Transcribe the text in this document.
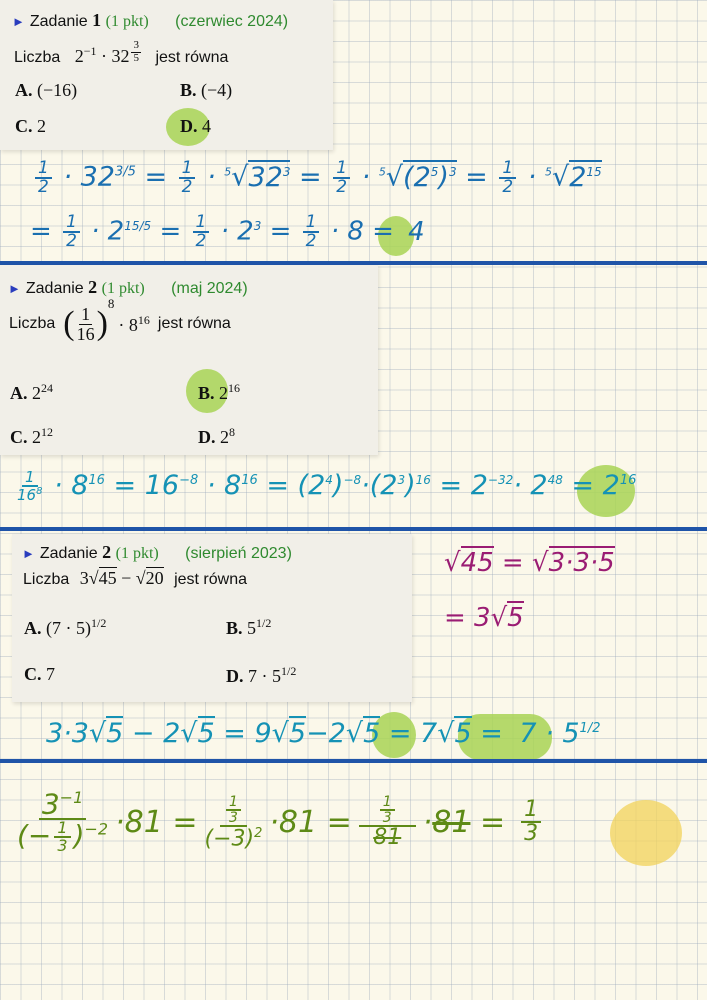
► Zadanie 1 (1 pkt) (czerwiec 2024)
Liczba $2^{-1} \cdot 32$ $^{\frac{3}{5}}$ jest równa
A. (−16)	B. (−4)
C. 2	D. 4
$\frac{1}{2} \cdot 32^{3/5} = \frac{1}{2} \cdot ^5√32^3 = \frac{1}{2} \cdot ^5√(2^5)^3 = \frac{1}{2} \cdot ^5√2^{15}$
= $\frac{1}{2} \cdot 2^{15/5} = \frac{1}{2} \cdot 2^3 = \frac{1}{2} \cdot 8 = 4$
► Zadanie 2 (1 pkt) (maj 2024)
Liczba ( $\frac{1}{16}$ )
8
· $8^{16}$ jest równa
A. $2^{24}$	B. $2^{16}$
C. $2^{12}$	D. $2^8$
$\frac{1}{16^8} \cdot 8^{16} = 16^{-8} \cdot 8^{16} = (2^4)^{-8}\cdot(2^3)^{16} = 2^{-32}\cdot 2^{48} = 2^{16}$
► Zadanie 2 (1 pkt) (sierpień 2023)
Liczba 3√45 − √20 jest równa
A. $(7 \cdot 5)^{1/2}$	B. $5^{1/2}$
C. 7	D. $7 \cdot 5^{1/2}$
√45 = √3·3·5
= 3√5
$3\cdot 3√5 - 2√5 = 9√5-2√5 = 7√5 = 7 \cdot 5^{1/2}$
$3^{-1}$
(− $\frac{1}{3} )^{-2} \cdot 81 = \frac{\frac{1}{3}}{(-3)^2} \cdot 81 = \frac{\frac{1}{3}}{81} \cdot 81 = \frac{1}{3}$
